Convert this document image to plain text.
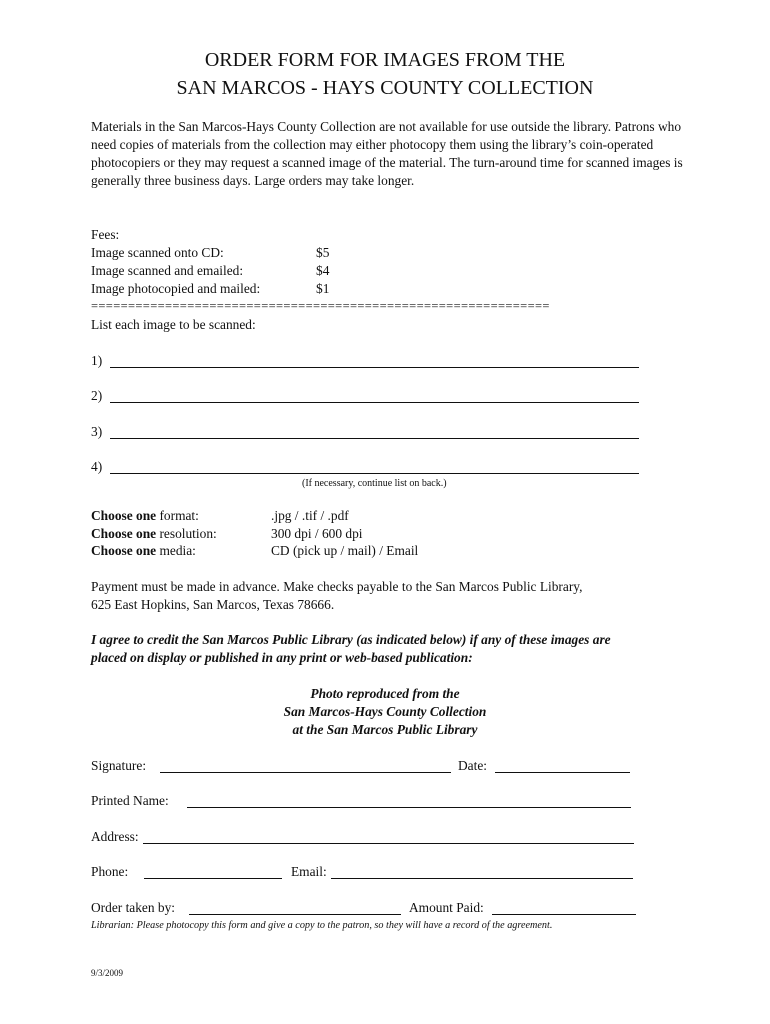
ORDER FORM FOR IMAGES FROM THE
SAN MARCOS - HAYS COUNTY COLLECTION
Materials in the San Marcos-Hays County Collection are not available for use outside the library. Patrons who need copies of materials from the collection may either photocopy them using the library’s coin-operated photocopiers or they may request a scanned image of the material. The turn-around time for scanned images is generally three business days. Large orders may take longer.
Fees:
Image scanned onto CD:	$5
Image scanned and emailed:	$4
Image photocopied and mailed:	$1
==============================================================
List each image to be scanned:
1)
2)
3)
4)
(If necessary, continue list on back.)
Choose one format:	.jpg / .tif / .pdf
Choose one resolution:	300 dpi / 600 dpi
Choose one media:	CD (pick up / mail) / Email
Payment must be made in advance. Make checks payable to the San Marcos Public Library,
625 East Hopkins, San Marcos, Texas 78666.
I agree to credit the San Marcos Public Library (as indicated below) if any of these images are
placed on display or published in any print or web-based publication:
Photo reproduced from the
San Marcos-Hays County Collection
at the San Marcos Public Library
Signature:	Date:
Printed Name:
Address:
Phone:	Email:
Order taken by:	Amount Paid:
Librarian: Please photocopy this form and give a copy to the patron, so they will have a record of the agreement.
9/3/2009
